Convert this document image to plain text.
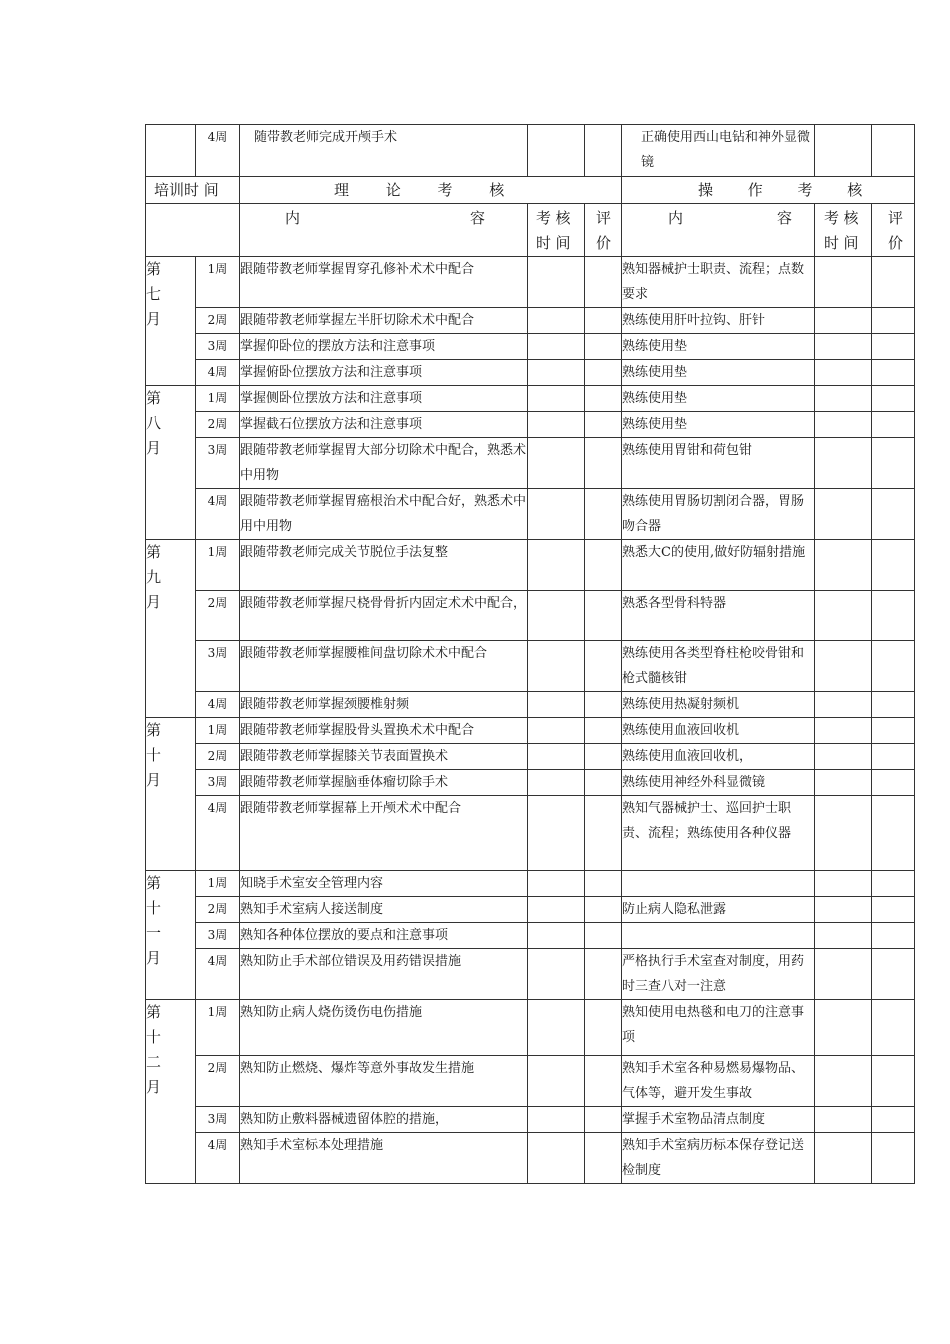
	4周	随带教老师完成开颅手术			正确使用西山电钻和神外显微镜		
培训时 间		理 论 考 核			操 作 考 核		

		内 容	考核时间	评价	内 容	考核时间	评价
第
七
月	1周	跟随带教老师掌握胃穿孔修补术术中配合			熟知器械护士职责、流程；点数要求		
	2周	跟随带教老师掌握左半肝切除术术中配合			熟练使用肝叶拉钩、肝针		
	3周	掌握仰卧位的摆放方法和注意事项			熟练使用垫		
	4周	掌握俯卧位摆放方法和注意事项			熟练使用垫		
第
八
月	1周	掌握侧卧位摆放方法和注意事项			熟练使用垫		
	2周	掌握截石位摆放方法和注意事项			熟练使用垫		
	3周	跟随带教老师掌握胃大部分切除术中配合，熟悉术中用物			熟练使用胃钳和荷包钳		
	4周	跟随带教老师掌握胃癌根治术中配合好，熟悉术中用中用物			熟练使用胃肠切割闭合器，胃肠吻合器		
第
九
月	1周	跟随带教老师完成关节脱位手法复整			熟悉大C的使用,做好防辐射措施		
	2周	跟随带教老师掌握尺桡骨骨折内固定术术中配合，			熟悉各型骨科特器		
	3周	跟随带教老师掌握腰椎间盘切除术术中配合			熟练使用各类型脊柱枪咬骨钳和枪式髓核钳		
	4周	跟随带教老师掌握颈腰椎射频			熟练使用热凝射频机		
第
十
月	1周	跟随带教老师掌握股骨头置换术术中配合			熟练使用血液回收机		
	2周	跟随带教老师掌握膝关节表面置换术			熟练使用血液回收机，		
	3周	跟随带教老师掌握脑垂体瘤切除手术			熟练使用神经外科显微镜		
	4周	跟随带教老师掌握幕上开颅术术中配合			熟知气器械护士、巡回护士职责、流程；熟练使用各种仪器		
第
十
一
月	1周	知晓手术室安全管理内容					
	2周	熟知手术室病人接送制度			防止病人隐私泄露		
	3周	熟知各种体位摆放的要点和注意事项					
	4周	熟知防止手术部位错误及用药错误措施			严格执行手术室查对制度，用药时三查八对一注意		
第
十
二
月	1周	熟知防止病人烧伤烫伤电伤措施			熟知使用电热毯和电刀的注意事项		
	2周	熟知防止燃烧、爆炸等意外事故发生措施			熟知手术室各种易燃易爆物品、气体等，避开发生事故		
	3周	熟知防止敷料器械遗留体腔的措施，			掌握手术室物品清点制度		
	4周	熟知手术室标本处理措施			熟知手术室病历标本保存登记送检制度		
